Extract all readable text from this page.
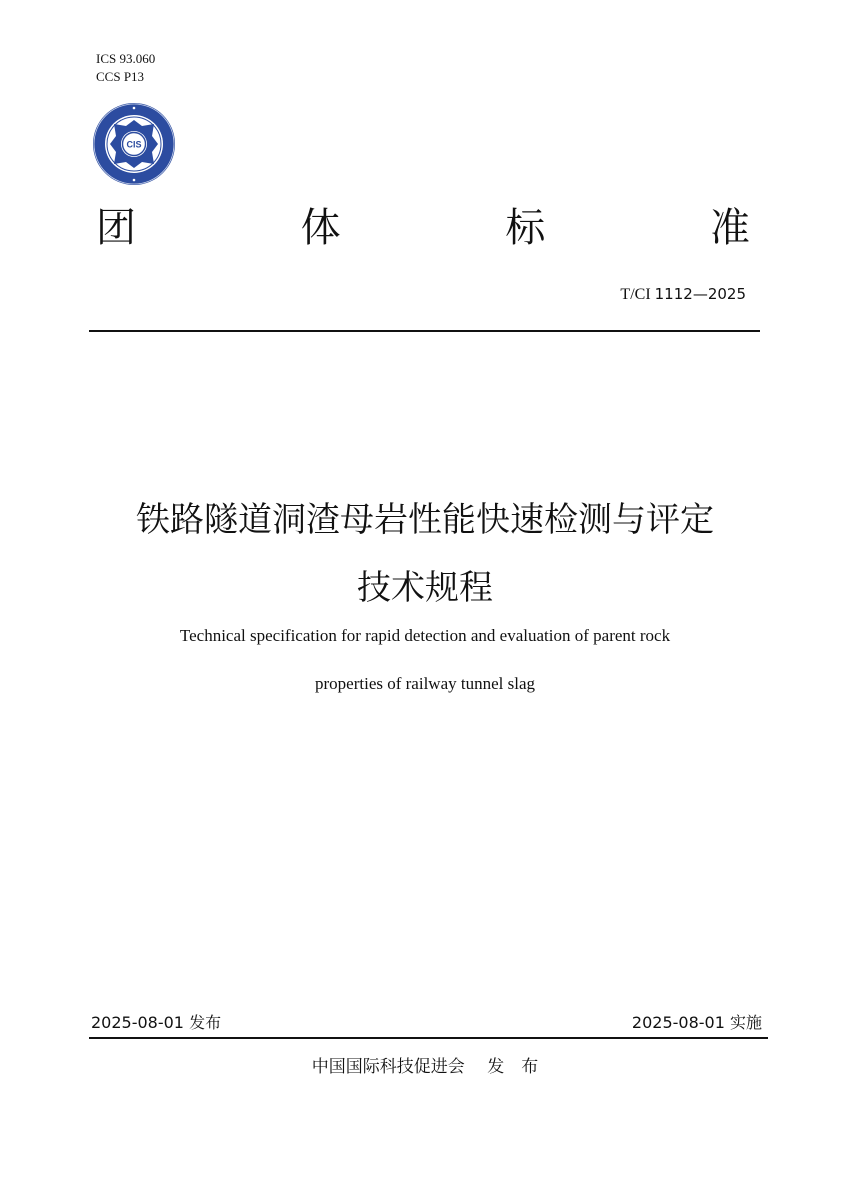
ICS 93.060
CCS P13
CIS
团	体	标	准
T/CI 1112—2025
铁路隧道洞渣母岩性能快速检测与评定
技术规程
Technical specification for rapid detection and evaluation of parent rock
properties of railway tunnel slag
2025-08-01 发布	2025-08-01 实施
中国国际科技促进会　 发　布
